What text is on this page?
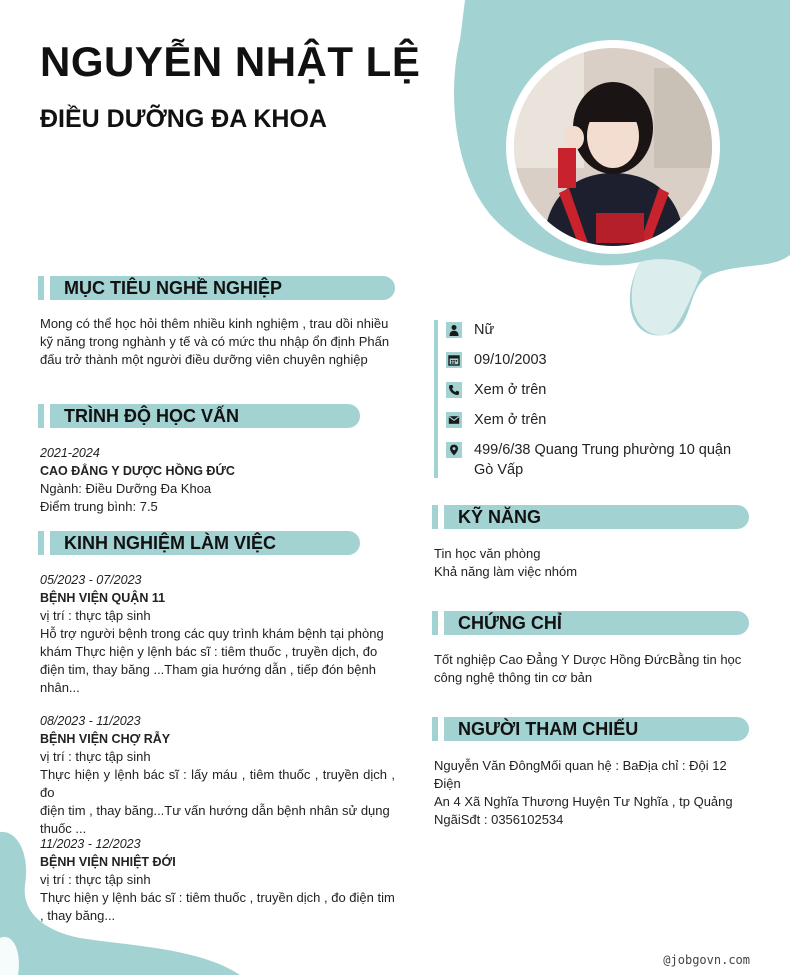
NGUYỄN NHẬT LỆ
ĐIỀU DƯỠNG ĐA KHOA
MỤC TIÊU NGHỀ NGHIỆP
Mong có thể học hỏi thêm nhiều kinh nghiệm , trau dồi nhiều
kỹ năng trong nghành y tế và có mức thu nhập ổn định Phấn
đấu trở thành một người điều dưỡng viên chuyên nghiệp
TRÌNH ĐỘ HỌC VẤN
2021-2024
CAO ĐẲNG Y DƯỢC HỒNG ĐỨC
Ngành: Điều Dưỡng Đa Khoa
Điểm trung bình: 7.5
KINH NGHIỆM LÀM VIỆC
05/2023 - 07/2023
BỆNH VIỆN QUẬN 11
vị trí : thực tập sinh
Hỗ trợ người bệnh trong các quy trình khám bệnh tại phòng
khám Thực hiện y lệnh bác sĩ : tiêm thuốc , truyền dịch, đo
điện tim, thay băng ...Tham gia hướng dẫn , tiếp đón bệnh
nhân...
08/2023 - 11/2023
BỆNH VIỆN CHỢ RẪY
vị trí : thực tập sinh
Thực hiện y lệnh bác sĩ : lấy máu , tiêm thuốc , truyền dịch , đo
điện tim , thay băng...Tư vấn hướng dẫn bệnh nhân sử dụng
thuốc ...
11/2023 - 12/2023
BỆNH VIỆN NHIỆT ĐỚI
vị trí : thực tập sinh
Thực hiện y lệnh bác sĩ : tiêm thuốc , truyền dịch , đo điện tim
, thay băng...
Nữ
09/10/2003
Xem ở trên
Xem ở trên
499/6/38 Quang Trung phường 10 quận
Gò Vấp
KỸ NĂNG
Tin học văn phòng
Khả năng làm việc nhóm
CHỨNG CHỈ
Tốt nghiệp Cao Đẳng Y Dược Hồng ĐứcBằng tin học
công nghệ thông tin cơ bản
NGƯỜI THAM CHIẾU
Nguyễn Văn ĐôngMối quan hệ : BaĐịa chỉ : Đội 12 Điện
An 4 Xã Nghĩa Thương Huyện Tư Nghĩa , tp Quảng
NgãiSđt : 0356102534
@jobgovn.com
